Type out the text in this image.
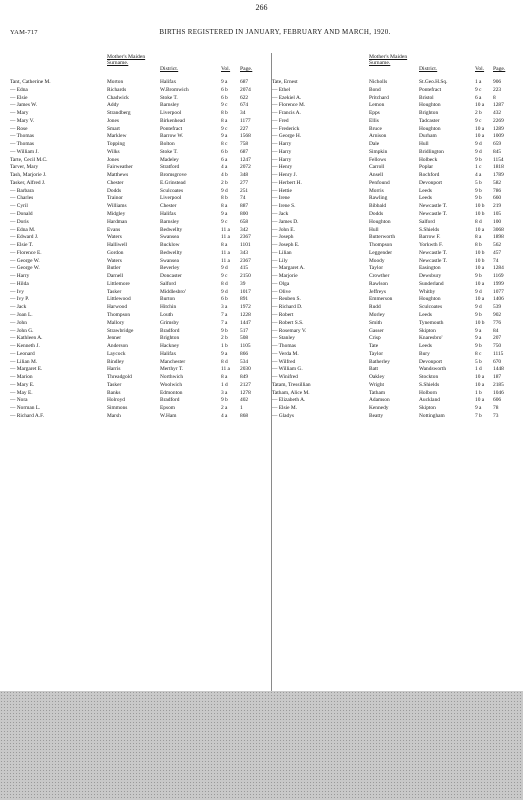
266
YAM-717	BIRTHS REGISTERED IN JANUARY, FEBRUARY AND MARCH, 1920.
Mother's Maiden Surname.
District.	Vol.	Page.
Tant, Catherine M.	Morton	Halifax	9 a	687
— Edna	Richards	W.Bromwich	6 b	2074
— Elsie	Chadwick	Stoke T.	6 b	622
— James W.	Addy	Barnsley	9 c	674
— Mary	Strandberg	Liverpool	8 b	34
— Mary V.	Jones	Birkenhead	8 a	1177
— Rose	Smart	Pontefract	9 c	227
— Thomas	Marklew	Barrow W.	9 a	1568
— Thomas	Topping	Bolton	8 c	758
— William J.	Wilks	Stoke T.	6 b	687
Tarte, Cecil M.C.	Jones	Madeley	6 a	1247
Tarver, Mary	Fairweather	Stratford	4 a	2072
Tash, Marjorie J.	Matthews	Bromsgrove	4 b	348
Tasker, Alfred J.	Chester	E.Grinstead	2 b	277
— Barbara	Dodds	Sculcoates	9 d	251
— Charles	Trainor	Liverpool	8 b	74
— Cyril	Williams	Chester	8 a	887
— Donald	Midgley	Halifax	9 a	800
— Doris	Hardman	Barnsley	9 c	658
— Edna M.	Evans	Bedwellty	11 a	342
— Edward J.	Waters	Swansea	11 a	2367
— Elsie T.	Halliwell	Bucklow	8 a	1101
— Florence E.	Gordon	Bedwellty	11 a	343
— George W.	Waters	Swansea	11 a	2367
— George W.	Butler	Beverley	9 d	415
— Harry	Darnell	Doncaster	9 c	2150
— Hilda	Littlemore	Salford	8 d	39
— Ivy	Tasker	Middlesbro'	9 d	1017
— Ivy P.	Littlewood	Burton	6 b	891
— Jack	Harwood	Hitchin	3 a	1972
— Joan L.	Thompson	Louth	7 a	1228
— John	Mallory	Grimsby	7 a	1447
— John G.	Strawbridge	Bradford	9 b	517
— Kathleen A.	Jenner	Brighton	2 b	508
— Kenneth J.	Anderson	Hackney	1 b	1105
— Leonard	Laycock	Halifax	9 a	866
— Lilian M.	Bindley	Manchester	8 d	534
— Margaret E.	Harris	Merthyr T.	11 a	2030
— Marion	Threadgold	Northwich	8 a	849
— Mary E.	Tasker	Woolwich	1 d	2127
— May E.	Banks	Edmonton	3 a	1278
— Nora	Holroyd	Bradford	9 b	402
— Norman L.	Simmons	Epsom	2 a	1
— Richard A.F.	Marsh	W.Ham	4 a	868
Mother's Maiden Surname.
District.	Vol.	Page.
Tate, Ernest	Nicholls	St.Geo.H.Sq.	1 a	906
— Ethel	Bond	Pontefract	9 c	223
— Ezekiel A.	Pritchard	Bristol	6 a	8
— Florence M.	Lemon	Houghton	10 a	1287
— Francis A.	Epps	Brighton	2 b	432
— Fred	Ellis	Tadcaster	9 c	2269
— Frederick	Bruce	Houghton	10 a	1289
— George H.	Arnison	Durham	10 a	1009
— Harry	Dale	Hull	9 d	659
— Harry	Simpkin	Bridlington	9 d	845
— Harry	Fellows	Holbeck	9 b	1154
— Henry	Carroll	Poplar	1 c	1818
— Henry J.	Ansell	Rochford	4 a	1789
— Herbert H.	Penfound	Devonport	5 b	582
— Hettie	Morris	Leeds	9 b	786
— Irene	Rawling	Leeds	9 b	660
— Irene S.	Bibbald	Newcastle T.	10 b	219
— Jack	Dodds	Newcastle T.	10 b	105
— James D.	Houghton	Salford	8 d	100
— John E.	Hull	S.Shields	10 a	3068
— Joseph	Butterworth	Barrow F.	8 a	1898
— Joseph E.	Thompson	Yorkwth F.	8 b	562
— Lilian	Leggender	Newcastle T.	10 b	457
— Lily	Moody	Newcastle T.	10 b	74
— Margaret A.	Taylor	Easington	10 a	1284
— Marjorie	Crowther	Dewsbury	9 b	1169
— Olga	Rawlson	Sunderland	10 a	1999
— Olive	Jeffreys	Whitby	9 d	1077
— Reuben S.	Emmerson	Houghton	10 a	1406
— Richard D.	Rudd	Sculcoates	9 d	539
— Robert	Morley	Leeds	9 b	902
— Robert S.S.	Smith	Tynemouth	10 b	776
— Rosemary V.	Gasser	Skipton	9 a	84
— Stanley	Crisp	Knaresbro'	9 a	207
— Thomas	Tate	Leeds	9 b	750
— Verda M.	Taylor	Bury	8 c	1115
— Wilfred	Batherley	Devonport	5 b	670
— William G.	Batt	Wandsworth	1 d	1448
— Winifred	Oakley	Stockton	10 a	187
Tatam, Tressillian	Wright	S.Shields	10 a	2185
Tatham, Alice M.	Tatham	Holborn	1 b	1046
— Elizabeth A.	Adamson	Auckland	10 a	606
— Elsie M.	Kennedy	Skipton	9 a	78
— Gladys	Beatty	Nottingham	7 b	73
